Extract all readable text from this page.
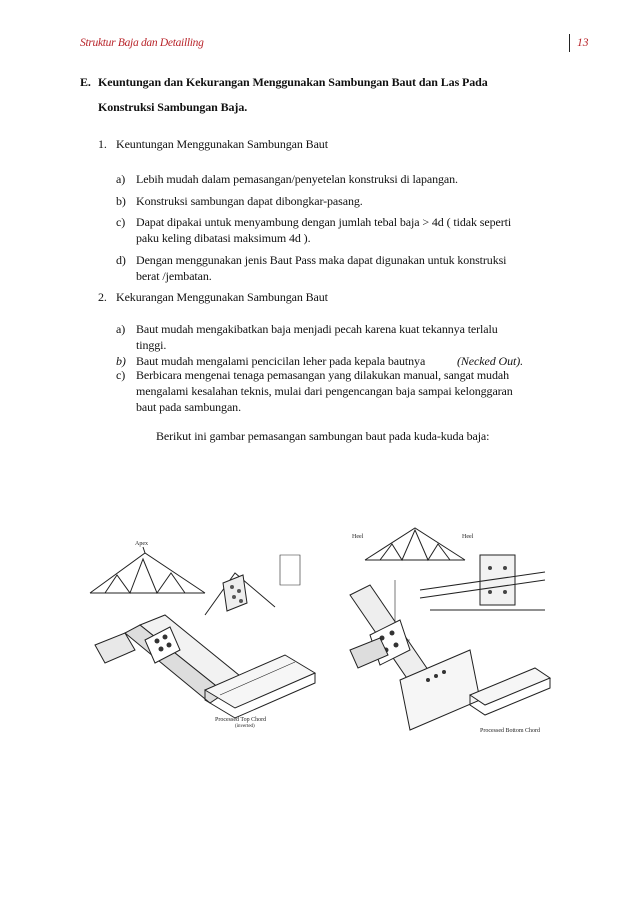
Struktur Baja dan Detailling	13
E. Keuntungan dan Kekurangan Menggunakan Sambungan Baut dan Las Pada
Konstruksi Sambungan Baja.
1. Keuntungan Menggunakan Sambungan Baut
a) Lebih mudah dalam pemasangan/penyetelan konstruksi di lapangan.
b) Konstruksi sambungan dapat dibongkar-pasang.
c) Dapat dipakai untuk menyambung dengan jumlah tebal baja > 4d ( tidak seperti
paku keling dibatasi maksimum 4d ).
d) Dengan menggunakan jenis Baut Pass maka dapat digunakan untuk konstruksi
berat /jembatan.
2. Kekurangan Menggunakan Sambungan Baut
a) Baut mudah mengakibatkan baja menjadi pecah karena kuat tekannya terlalu
tinggi.
b) Baut mudah mengalami pencicilan leher pada kepala bautnya	(Necked Out).
c) Berbicara mengenai tenaga pemasangan yang dilakukan manual, sangat mudah
mengalami kesalahan teknis, mulai dari pengencangan baja sampai kelonggaran
baut pada sambungan.
Berikut ini gambar pemasangan sambungan baut pada kuda-kuda baja:
Apex
Processed Top Chord
(inverted)
Heel	Heel
Processed Bottom Chord
